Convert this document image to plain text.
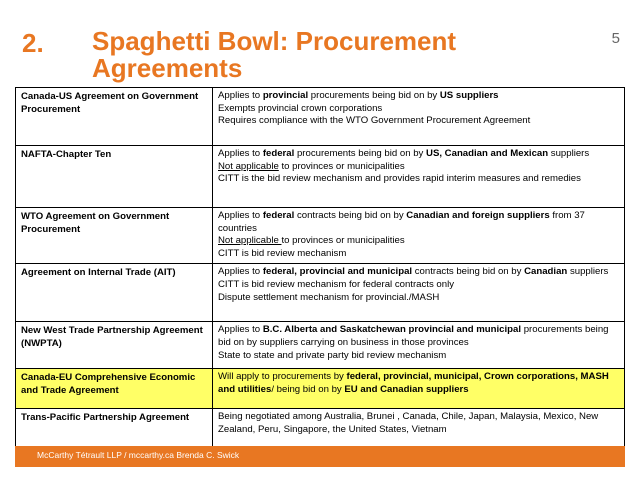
2. Spaghetti Bowl: Procurement
Agreements
5
Canada-US Agreement on Government Procurement	Applies to provincial procurements being bid on by US suppliers
Exempts provincial crown corporations
Requires compliance with the WTO Government Procurement Agreement

NAFTA-Chapter Ten	Applies to federal procurements being bid on by US, Canadian and Mexican suppliers
Not applicable to provinces or municipalities
CITT is the bid review mechanism and provides rapid interim measures and remedies

WTO Agreement on Government Procurement	Applies to federal contracts being bid on by Canadian and foreign suppliers from 37 countries
Not applicable to provinces or municipalities
CITT is bid review mechanism

Agreement on Internal Trade (AIT)	Applies to federal, provincial and municipal contracts being bid on by Canadian suppliers
CITT is bid review mechanism for federal contracts only
Dispute settlement mechanism for provincial./MASH

New West Trade Partnership Agreement (NWPTA)	Applies to B.C. Alberta and Saskatchewan provincial and municipal procurements being bid on by suppliers carrying on business in those provinces
State to state and private party bid review mechanism

Canada-EU Comprehensive Economic and Trade Agreement	Will apply to procurements by federal, provincial, municipal, Crown corporations, MASH and utilities/ being bid on by EU and Canadian suppliers

Trans-Pacific Partnership Agreement	Being negotiated among Australia, Brunei , Canada, Chile, Japan, Malaysia, Mexico, New Zealand, Peru, Singapore, the United States, Vietnam
McCarthy Tétrault LLP / mccarthy.ca Brenda C. Swick
